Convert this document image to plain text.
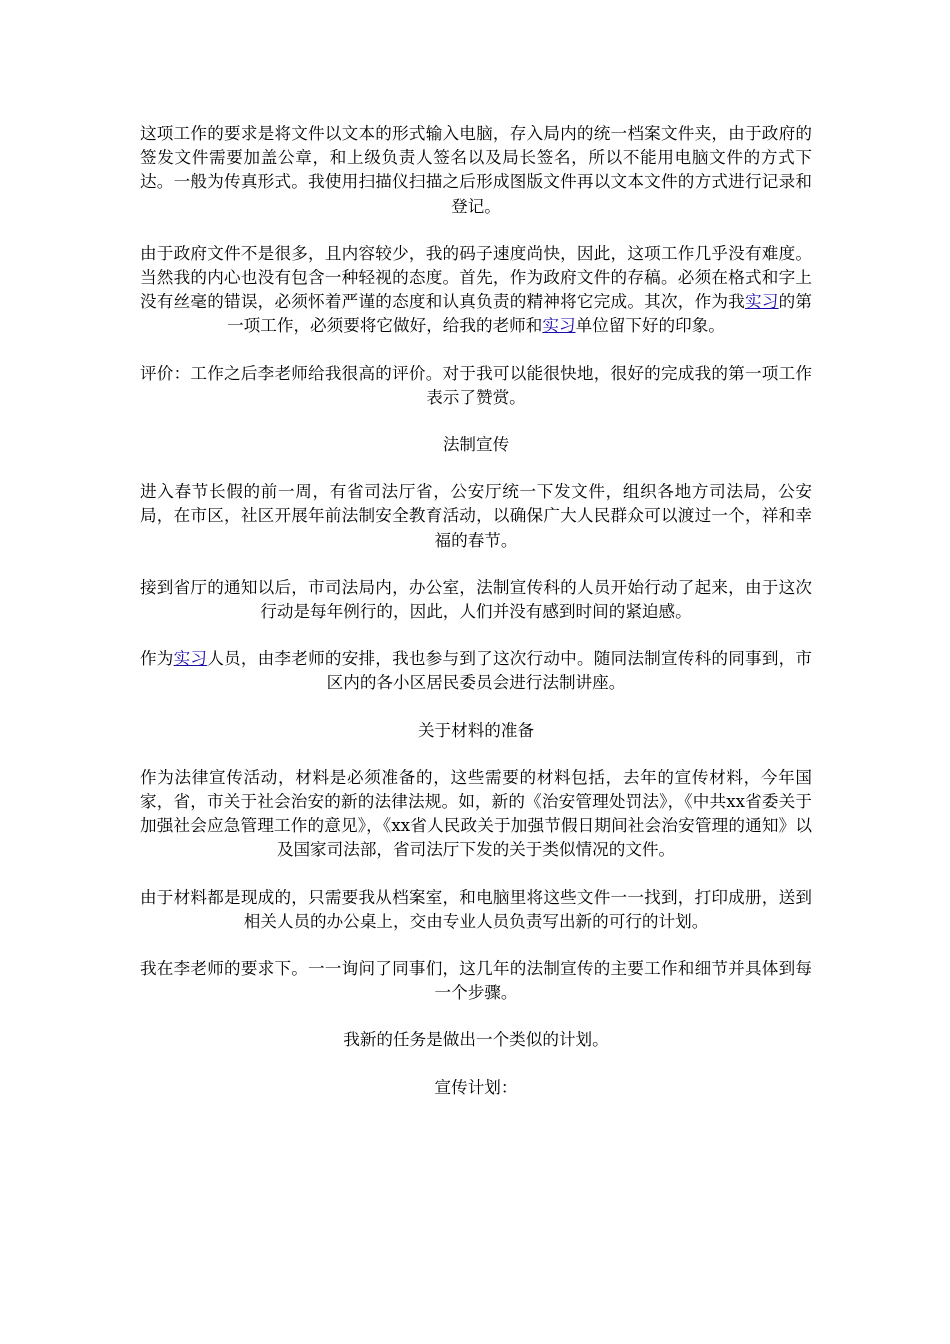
这项工作的要求是将文件以文本的形式输入电脑，存入局内的统一档案文件夹，由于政府的签发文件需要加盖公章，和上级负责人签名以及局长签名，所以不能用电脑文件的方式下达。一般为传真形式。我使用扫描仪扫描之后形成图版文件再以文本文件的方式进行记录和登记。

由于政府文件不是很多，且内容较少，我的码子速度尚快，因此，这项工作几乎没有难度。当然我的内心也没有包含一种轻视的态度。首先，作为政府文件的存稿。必须在格式和字上没有丝毫的错误，必须怀着严谨的态度和认真负责的精神将它完成。其次，作为我实习的第一项工作，必须要将它做好，给我的老师和实习单位留下好的印象。

评价：工作之后李老师给我很高的评价。对于我可以能很快地，很好的完成我的第一项工作表示了赞赏。

法制宣传

进入春节长假的前一周，有省司法厅省，公安厅统一下发文件，组织各地方司法局，公安局，在市区，社区开展年前法制安全教育活动，以确保广大人民群众可以渡过一个，祥和幸福的春节。

接到省厅的通知以后，市司法局内，办公室，法制宣传科的人员开始行动了起来，由于这次行动是每年例行的，因此，人们并没有感到时间的紧迫感。

作为实习人员，由李老师的安排，我也参与到了这次行动中。随同法制宣传科的同事到，市区内的各小区居民委员会进行法制讲座。

关于材料的准备

作为法律宣传活动，材料是必须准备的，这些需要的材料包括，去年的宣传材料，今年国家，省，市关于社会治安的新的法律法规。如，新的《治安管理处罚法》，《中共xx省委关于加强社会应急管理工作的意见》，《xx省人民政关于加强节假日期间社会治安管理的通知》以及国家司法部，省司法厅下发的关于类似情况的文件。

由于材料都是现成的，只需要我从档案室，和电脑里将这些文件一一找到，打印成册，送到相关人员的办公桌上，交由专业人员负责写出新的可行的计划。

我在李老师的要求下。一一询问了同事们，这几年的法制宣传的主要工作和细节并具体到每一个步骤。

我新的任务是做出一个类似的计划。

宣传计划：
